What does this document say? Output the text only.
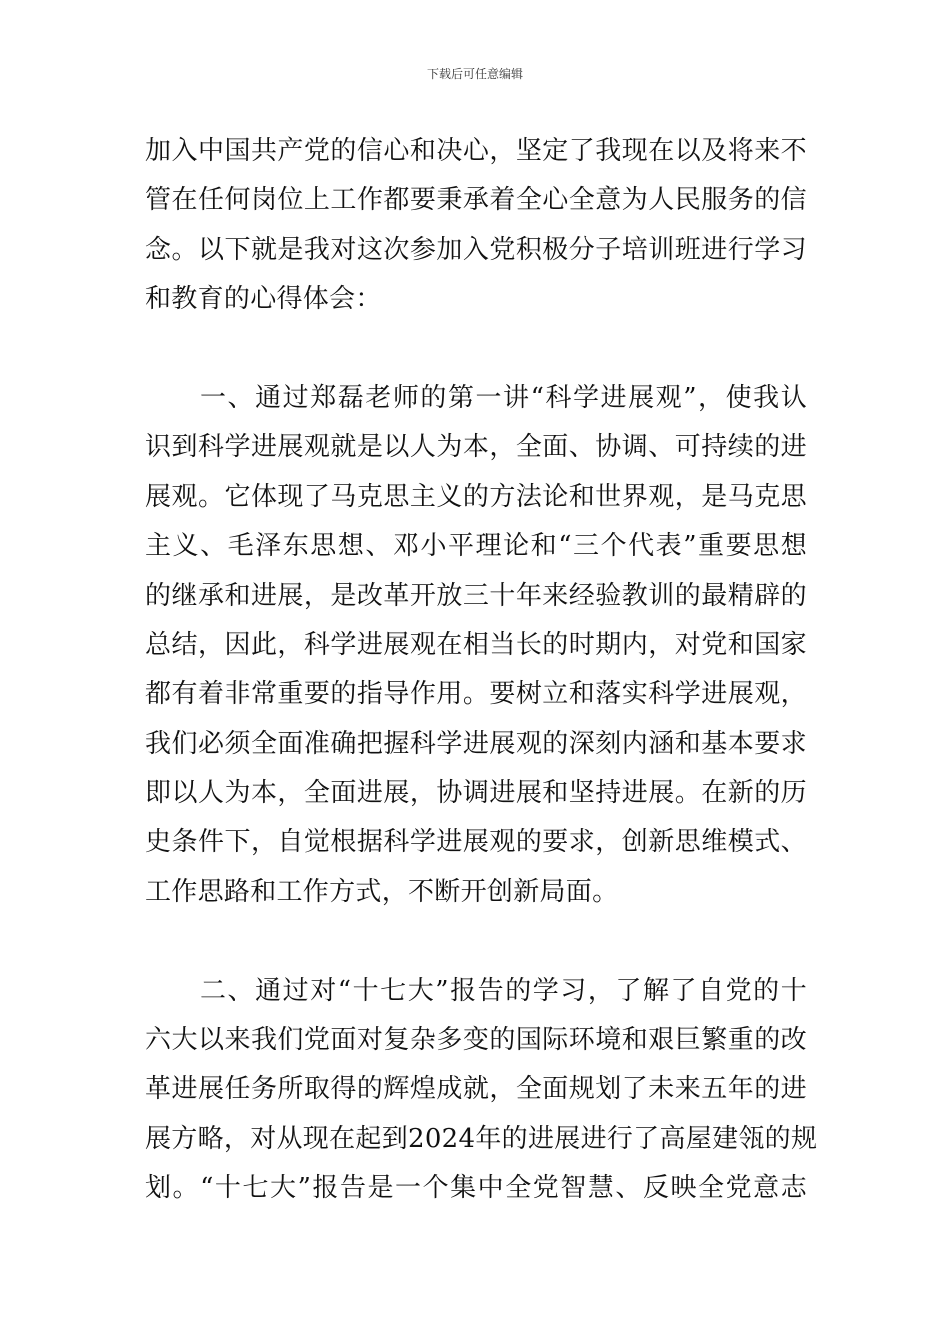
下载后可任意编辑
加入中国共产党的信心和决心，坚定了我现在以及将来不
管在任何岗位上工作都要秉承着全心全意为人民服务的信
念。以下就是我对这次参加入党积极分子培训班进行学习
和教育的心得体会：
一、通过郑磊老师的第一讲“科学进展观”，使我认
识到科学进展观就是以人为本，全面、协调、可持续的进
展观。它体现了马克思主义的方法论和世界观，是马克思
主义、毛泽东思想、邓小平理论和“三个代表”重要思想
的继承和进展，是改革开放三十年来经验教训的最精辟的
总结，因此，科学进展观在相当长的时期内，对党和国家
都有着非常重要的指导作用。要树立和落实科学进展观，
我们必须全面准确把握科学进展观的深刻内涵和基本要求
即以人为本，全面进展，协调进展和坚持进展。在新的历
史条件下，自觉根据科学进展观的要求，创新思维模式、
工作思路和工作方式，不断开创新局面。
二、通过对“十七大”报告的学习，了解了自党的十
六大以来我们党面对复杂多变的国际环境和艰巨繁重的改
革进展任务所取得的辉煌成就，全面规划了未来五年的进
展方略，对从现在起到2024年的进展进行了高屋建瓴的规
划。“十七大”报告是一个集中全党智慧、反映全党意志
